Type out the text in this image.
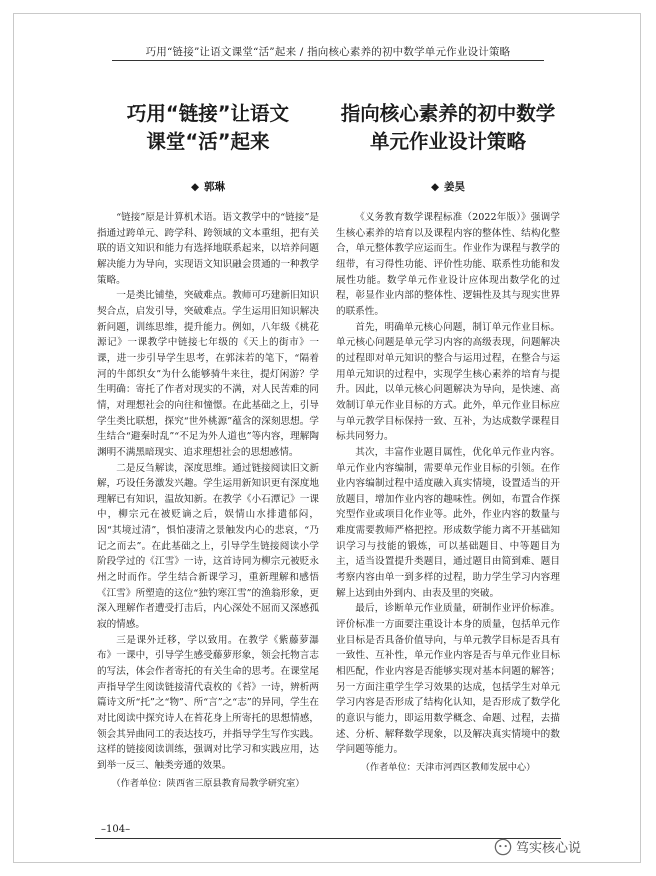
巧用“链接”让语文课堂“活”起来 / 指向核心素养的初中数学单元作业设计策略
巧用“链接”让语文
课堂“活”起来
◆ 郭琳

“链接”原是计算机术语。语文教学中的“链接”是指通过跨单元、跨学科、跨领域的文本重组，把有关联的语文知识和能力有选择地联系起来，以培养问题解决能力为导向，实现语文知识融会贯通的一种教学策略。

一是类比铺垫，突破难点。教师可巧建新旧知识契合点，启发引导，突破难点。学生运用旧知识解决新问题，训练思维，提升能力。例如，八年级《桃花源记》一课教学中链接七年级的《天上的街市》一课，进一步引导学生思考，在郭沫若的笔下，“隔着河的牛郎织女”为什么能够骑牛来往，提灯闲游？学生明确：寄托了作者对现实的不满，对人民苦难的同情，对理想社会的向往和憧憬。在此基础之上，引导学生类比联想，探究“世外桃源”蕴含的深刻思想。学生结合“避秦时乱”“不足为外人道也”等内容，理解陶渊明不满黑暗现实、追求理想社会的思想感情。

二是反刍解读，深度思维。通过链接阅读旧文新解，巧设任务激发兴趣。学生运用新知识更有深度地理解已有知识，温故知新。在教学《小石潭记》一课中，柳宗元在被贬谪之后，娱情山水排遣郁闷，因“其境过清”，惧怕凄清之景触发内心的悲哀，“乃记之而去”。在此基础之上，引导学生链接阅读小学阶段学过的《江雪》一诗，这首诗同为柳宗元被贬永州之时而作。学生结合新课学习，重新理解和感悟《江雪》所塑造的这位“独钓寒江雪”的渔翁形象，更深入理解作者遭受打击后，内心深处不屈而又深感孤寂的情感。

三是课外迁移，学以致用。在教学《紫藤萝瀑布》一课中，引导学生感受藤萝形象，领会托物言志的写法，体会作者寄托的有关生命的思考。在课堂尾声指导学生阅读链接清代袁枚的《苔》一诗，辨析两篇诗文所“托”之“物”、所“言”之“志”的异同，学生在对比阅读中探究诗人在苔花身上所寄托的思想情感，领会其异曲同工的表达技巧，并指导学生写作实践。这样的链接阅读训练，强调对比学习和实践应用，达到举一反三、触类旁通的效果。

（作者单位：陕西省三原县教育局教学研究室）

指向核心素养的初中数学
单元作业设计策略
◆ 姜昊

《义务教育数学课程标准（2022年版）》强调学生核心素养的培育以及课程内容的整体性、结构化整合，单元整体教学应运而生。作业作为课程与教学的纽带，有习得性功能、评价性功能、联系性功能和发展性功能。数学单元作业设计应体现出数学化的过程，彰显作业内部的整体性、逻辑性及其与现实世界的联系性。

首先，明确单元核心问题，制订单元作业目标。单元核心问题是单元学习内容的高级表现，问题解决的过程即对单元知识的整合与运用过程，在整合与运用单元知识的过程中，实现学生核心素养的培育与提升。因此，以单元核心问题解决为导向，是快速、高效制订单元作业目标的方式。此外，单元作业目标应与单元教学目标保持一致、互补，为达成数学课程目标共同努力。

其次，丰富作业题目属性，优化单元作业内容。单元作业内容编制，需要单元作业目标的引领。在作业内容编制过程中适度融入真实情境，设置适当的开放题目，增加作业内容的趣味性。例如，布置合作探究型作业或项目化作业等。此外，作业内容的数量与难度需要教师严格把控。形成数学能力离不开基础知识学习与技能的锻炼，可以基础题目、中等题目为主，适当设置提升类题目，通过题目由简到难、题目考察内容由单一到多样的过程，助力学生学习内容理解上达到由外到内、由表及里的突破。

最后，诊断单元作业质量，研制作业评价标准。评价标准一方面要注重设计本身的质量，包括单元作业目标是否具备价值导向，与单元教学目标是否具有一致性、互补性，单元作业内容是否与单元作业目标相匹配，作业内容是否能够实现对基本问题的解答；另一方面注重学生学习效果的达成，包括学生对单元学习内容是否形成了结构化认知，是否形成了数学化的意识与能力，即运用数学概念、命题、过程，去描述、分析、解释数学现象，以及解决真实情境中的数学问题等能力。

（作者单位：天津市河西区教师发展中心）

–104–
笃实核心说
